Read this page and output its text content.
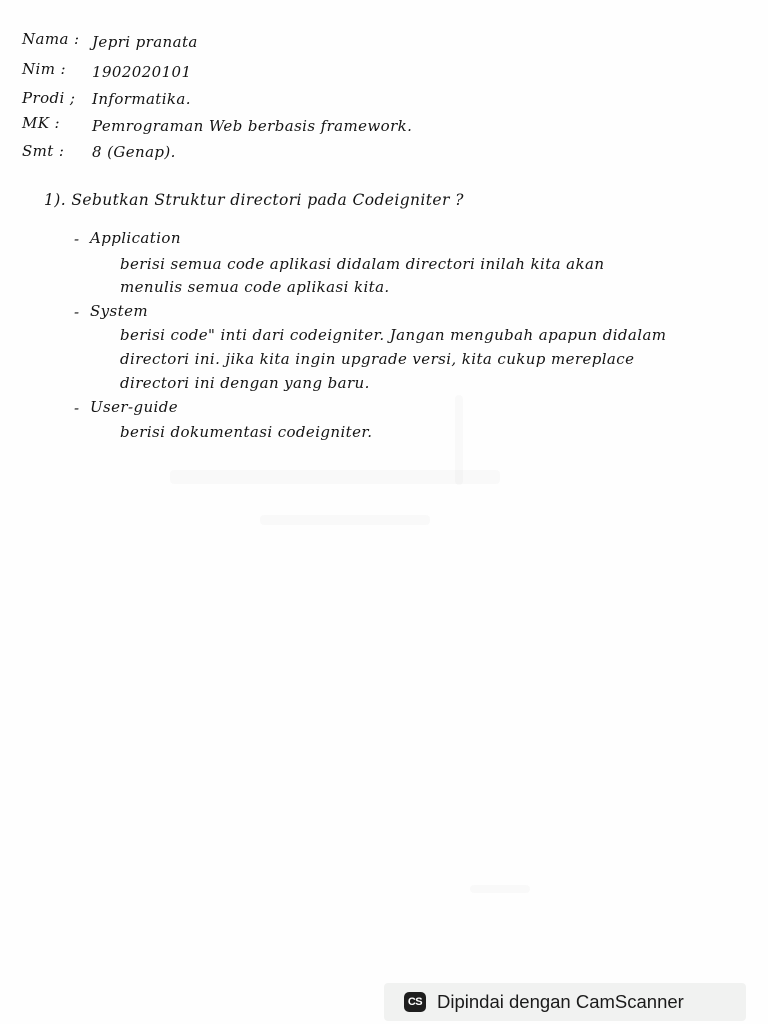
Nama : Jepri pranata
Nim : 1902020101
Prodi ; Informatika.
MK : Pemrograman Web berbasis framework.
Smt : 8 (Genap).
1). Sebutkan Struktur directori pada Codeigniter ?
- Application
berisi semua code aplikasi didalam directori inilah kita akan
menulis semua code aplikasi kita.
- System
berisi code" inti dari codeigniter. Jangan mengubah apapun didalam
directori ini. jika kita ingin upgrade versi, kita cukup mereplace
directori ini dengan yang baru.
- User-guide
berisi dokumentasi codeigniter.
CS Dipindai dengan CamScanner
